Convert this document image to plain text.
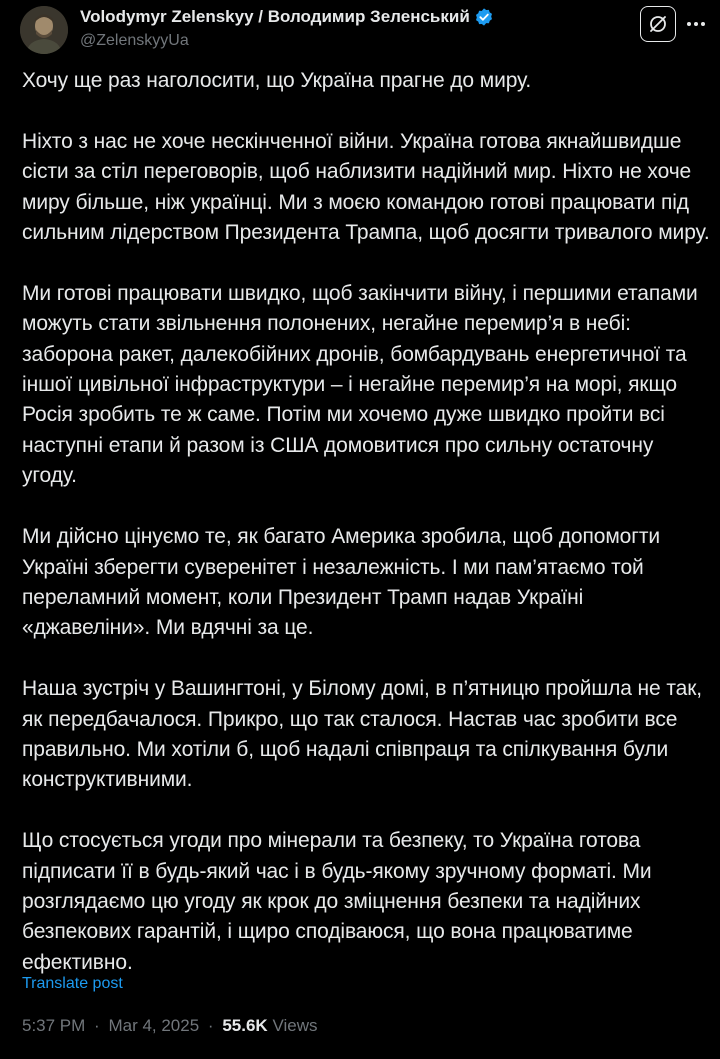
Volodymyr Zelenskyy / Володимир Зеленський
@ZelenskyyUa
Хочу ще раз наголосити, що Україна прагне до миру.

Ніхто з нас не хоче нескінченної війни. Україна готова якнайшвидше сісти за стіл переговорів, щоб наблизити надійний мир. Ніхто не хоче миру більше, ніж українці. Ми з моєю командою готові працювати під сильним лідерством Президента Трампа, щоб досягти тривалого миру.

Ми готові працювати швидко, щоб закінчити війну, і першими етапами можуть стати звільнення полонених, негайне перемир’я в небі: заборона ракет, далекобійних дронів, бомбардувань енергетичної та іншої цивільної інфраструктури – і негайне перемир’я на морі, якщо Росія зробить те ж саме. Потім ми хочемо дуже швидко пройти всі наступні етапи й разом із США домовитися про сильну остаточну угоду.

Ми дійсно цінуємо те, як багато Америка зробила, щоб допомогти Україні зберегти суверенітет і незалежність. І ми пам’ятаємо той переламний момент, коли Президент Трамп надав Україні «джавеліни». Ми вдячні за це.

Наша зустріч у Вашингтоні, у Білому домі, в п’ятницю пройшла не так, як передбачалося. Прикро, що так сталося. Настав час зробити все правильно. Ми хотіли б, щоб надалі співпраця та спілкування були конструктивними.

Що стосується угоди про мінерали та безпеку, то Україна готова підписати її в будь-який час і в будь-якому зручному форматі. Ми розглядаємо цю угоду як крок до зміцнення безпеки та надійних безпекових гарантій, і щиро сподіваюся, що вона працюватиме ефективно.
Translate post
5:37 PM · Mar 4, 2025 · 55.6K Views
